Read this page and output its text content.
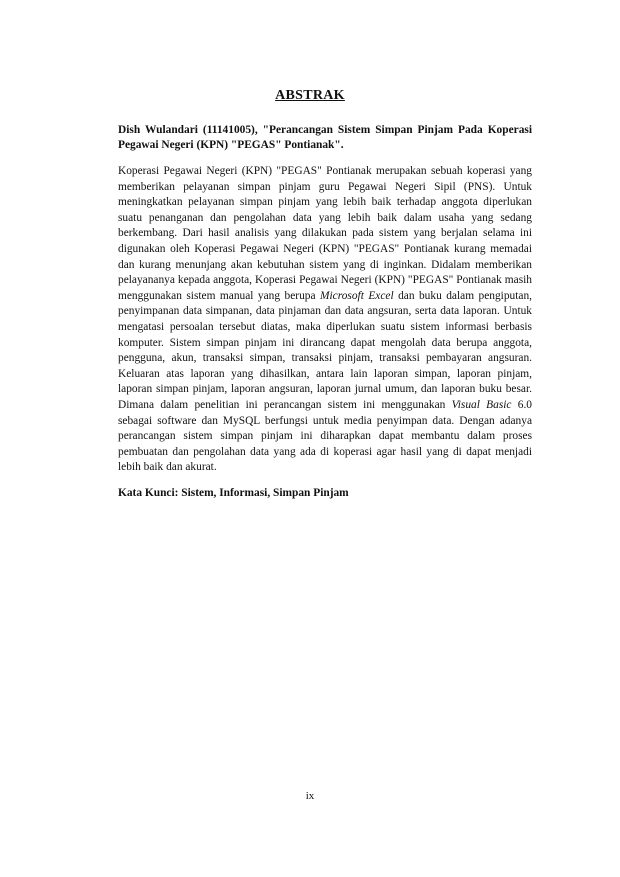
ABSTRAK
Dish Wulandari (11141005), "Perancangan Sistem Simpan Pinjam Pada Koperasi Pegawai Negeri (KPN) "PEGAS" Pontianak".
Koperasi Pegawai Negeri (KPN) "PEGAS" Pontianak merupakan sebuah koperasi yang memberikan pelayanan simpan pinjam guru Pegawai Negeri Sipil (PNS). Untuk meningkatkan pelayanan simpan pinjam yang lebih baik terhadap anggota diperlukan suatu penanganan dan pengolahan data yang lebih baik dalam usaha yang sedang berkembang. Dari hasil analisis yang dilakukan pada sistem yang berjalan selama ini digunakan oleh Koperasi Pegawai Negeri (KPN) "PEGAS" Pontianak kurang memadai dan kurang menunjang akan kebutuhan sistem yang di inginkan. Didalam memberikan pelayananya kepada anggota, Koperasi Pegawai Negeri (KPN) "PEGAS" Pontianak masih menggunakan sistem manual yang berupa Microsoft Excel dan buku dalam pengiputan, penyimpanan data simpanan, data pinjaman dan data angsuran, serta data laporan. Untuk mengatasi persoalan tersebut diatas, maka diperlukan suatu sistem informasi berbasis komputer. Sistem simpan pinjam ini dirancang dapat mengolah data berupa anggota, pengguna, akun, transaksi simpan, transaksi pinjam, transaksi pembayaran angsuran. Keluaran atas laporan yang dihasilkan, antara lain laporan simpan, laporan pinjam, laporan simpan pinjam, laporan angsuran, laporan jurnal umum, dan laporan buku besar. Dimana dalam penelitian ini perancangan sistem ini menggunakan Visual Basic 6.0 sebagai software dan MySQL berfungsi untuk media penyimpan data. Dengan adanya perancangan sistem simpan pinjam ini diharapkan dapat membantu dalam proses pembuatan dan pengolahan data yang ada di koperasi agar hasil yang di dapat menjadi lebih baik dan akurat.
Kata Kunci: Sistem, Informasi, Simpan Pinjam
ix
